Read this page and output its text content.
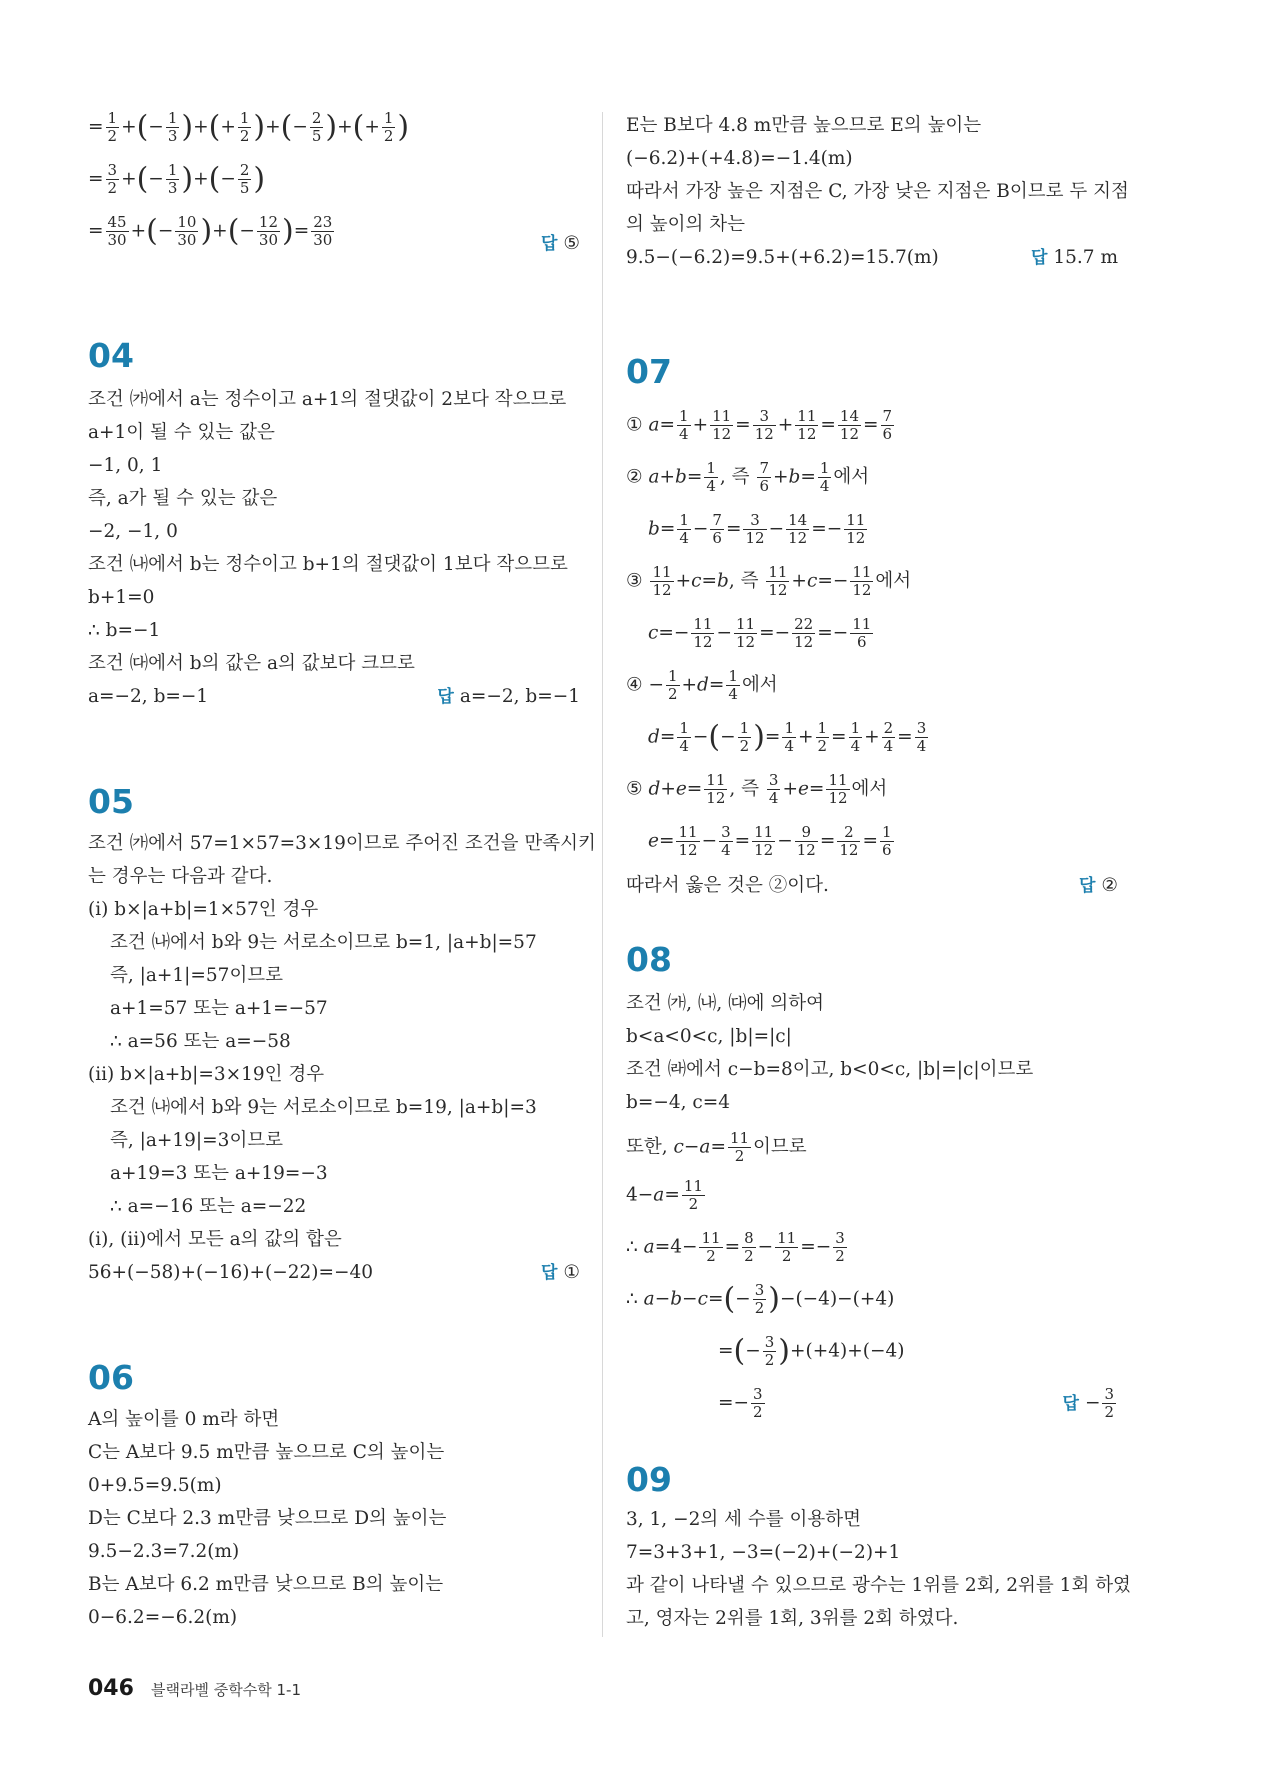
= $\frac{1}{2}$ +(− $\frac{1}{3}$ )+(+ $\frac{1}{2}$ )+(− $\frac{2}{5}$ )+(+ $\frac{1}{2}$ )
= $\frac{3}{2}$ +(− $\frac{1}{3}$ )+(− $\frac{2}{5}$ )
= $\frac{45}{30}$ +(− $\frac{10}{30}$ )+(− $\frac{12}{30}$ )= $\frac{23}{30}$	답 ⑤
04
조건 ㈎에서 a는 정수이고 a+1의 절댓값이 2보다 작으므로
a+1이 될 수 있는 값은
−1, 0, 1
즉, a가 될 수 있는 값은
−2, −1, 0
조건 ㈏에서 b는 정수이고 b+1의 절댓값이 1보다 작으므로
b+1=0
∴ b=−1
조건 ㈐에서 b의 값은 a의 값보다 크므로
a=−2, b=−1	답 a=−2, b=−1
05
조건 ㈎에서 57=1×57=3×19이므로 주어진 조건을 만족시키
는 경우는 다음과 같다.
(ⅰ) b×|a+b|=1×57인 경우
조건 ㈏에서 b와 9는 서로소이므로 b=1, |a+b|=57
즉, |a+1|=57이므로
a+1=57 또는 a+1=−57
∴ a=56 또는 a=−58
(ⅱ) b×|a+b|=3×19인 경우
조건 ㈏에서 b와 9는 서로소이므로 b=19, |a+b|=3
즉, |a+19|=3이므로
a+19=3 또는 a+19=−3
∴ a=−16 또는 a=−22
(ⅰ), (ⅱ)에서 모든 a의 값의 합은
56+(−58)+(−16)+(−22)=−40	답 ①
06
A의 높이를 0 m라 하면
C는 A보다 9.5 m만큼 높으므로 C의 높이는
0+9.5=9.5(m)
D는 C보다 2.3 m만큼 낮으므로 D의 높이는
9.5−2.3=7.2(m)
B는 A보다 6.2 m만큼 낮으므로 B의 높이는
0−6.2=−6.2(m)
E는 B보다 4.8 m만큼 높으므로 E의 높이는
(−6.2)+(+4.8)=−1.4(m)
따라서 가장 높은 지점은 C, 가장 낮은 지점은 B이므로 두 지점
의 높이의 차는
9.5−(−6.2)=9.5+(+6.2)=15.7(m)	답 15.7 m
07
① $a= \frac{1}{4} + \frac{11}{12} = \frac{3}{12} + \frac{11}{12} = \frac{14}{12} = \frac{7}{6}$
② $a+b= \frac{1}{4}$ , 즉 $\frac{7}{6} +b= \frac{1}{4}$ 에서
$b= \frac{1}{4} - \frac{7}{6} = \frac{3}{12} - \frac{14}{12} =- \frac{11}{12}$
③ $\frac{11}{12} +c=b$, 즉 $\frac{11}{12} +c=- \frac{11}{12}$ 에서
$c=- \frac{11}{12} - \frac{11}{12} =- \frac{22}{12} =- \frac{11}{6}$
④ − $\frac{1}{2} +d= \frac{1}{4}$ 에서
$d= \frac{1}{4}$ −(− $\frac{1}{2}$ )= $\frac{1}{4} + \frac{1}{2} = \frac{1}{4} + \frac{2}{4} = \frac{3}{4}$
⑤ $d+e= \frac{11}{12}$ , 즉 $\frac{3}{4} +e= \frac{11}{12}$ 에서
$e= \frac{11}{12} - \frac{3}{4} = \frac{11}{12} - \frac{9}{12} = \frac{2}{12} = \frac{1}{6}$
따라서 옳은 것은 ②이다.	답 ②
08
조건 ㈎, ㈏, ㈐에 의하여
b<a<0<c, |b|=|c|
조건 ㈑에서 c−b=8이고, b<0<c, |b|=|c|이므로
b=−4, c=4
또한, $c-a= \frac{11}{2}$ 이므로
$4-a= \frac{11}{2}$
∴ $a=4- \frac{11}{2} = \frac{8}{2} - \frac{11}{2} =- \frac{3}{2}$
∴ $a-b-c=(- \frac{3}{2} )-(-4)-(+4)$
=(− $\frac{3}{2} )+(+4)+(-4)$
=− $\frac{3}{2}$	답 − $\frac{3}{2}$
09
3, 1, −2의 세 수를 이용하면
7=3+3+1, −3=(−2)+(−2)+1
과 같이 나타낼 수 있으므로 광수는 1위를 2회, 2위를 1회 하였
고, 영자는 2위를 1회, 3위를 2회 하였다.
046 블랙라벨 중학수학 1-1
